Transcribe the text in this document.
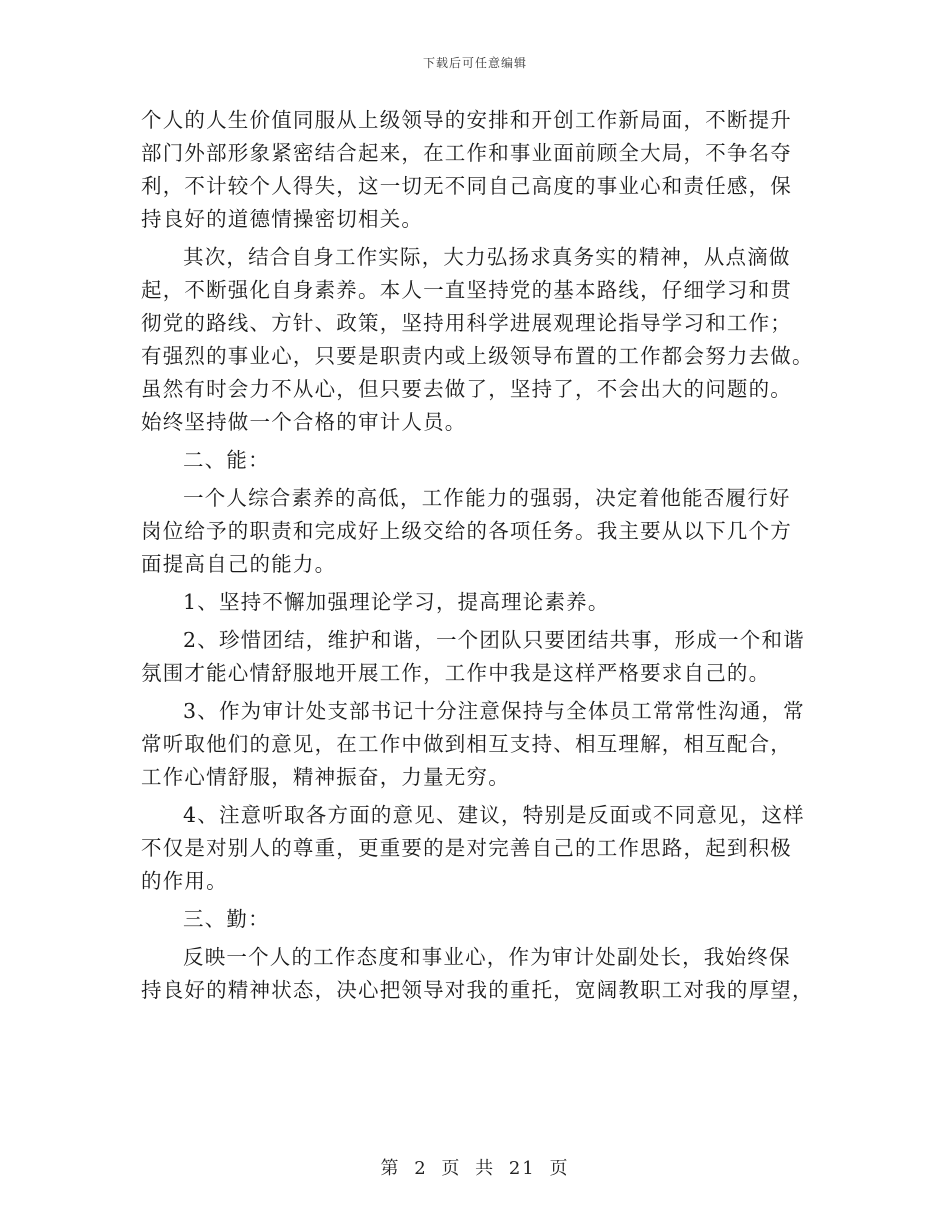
下载后可任意编辑

个人的人生价值同服从上级领导的安排和开创工作新局面，不断提升
部门外部形象紧密结合起来，在工作和事业面前顾全大局，不争名夺
利，不计较个人得失，这一切无不同自己高度的事业心和责任感，保
持良好的道德情操密切相关。

其次，结合自身工作实际，大力弘扬求真务实的精神，从点滴做
起，不断强化自身素养。本人一直坚持党的基本路线，仔细学习和贯
彻党的路线、方针、政策，坚持用科学进展观理论指导学习和工作；
有强烈的事业心，只要是职责内或上级领导布置的工作都会努力去做。
虽然有时会力不从心，但只要去做了，坚持了，不会出大的问题的。
始终坚持做一个合格的审计人员。

二、能：

一个人综合素养的高低，工作能力的强弱，决定着他能否履行好
岗位给予的职责和完成好上级交给的各项任务。我主要从以下几个方
面提高自己的能力。

1、坚持不懈加强理论学习，提高理论素养。

2、珍惜团结，维护和谐，一个团队只要团结共事，形成一个和谐
氛围才能心情舒服地开展工作，工作中我是这样严格要求自己的。

3、作为审计处支部书记十分注意保持与全体员工常常性沟通，常
常听取他们的意见，在工作中做到相互支持、相互理解，相互配合，
工作心情舒服，精神振奋，力量无穷。

4、注意听取各方面的意见、建议，特别是反面或不同意见，这样
不仅是对别人的尊重，更重要的是对完善自己的工作思路，起到积极
的作用。

三、勤：

反映一个人的工作态度和事业心，作为审计处副处长，我始终保
持良好的精神状态，决心把领导对我的重托，宽阔教职工对我的厚望，

第 2 页 共 21 页
